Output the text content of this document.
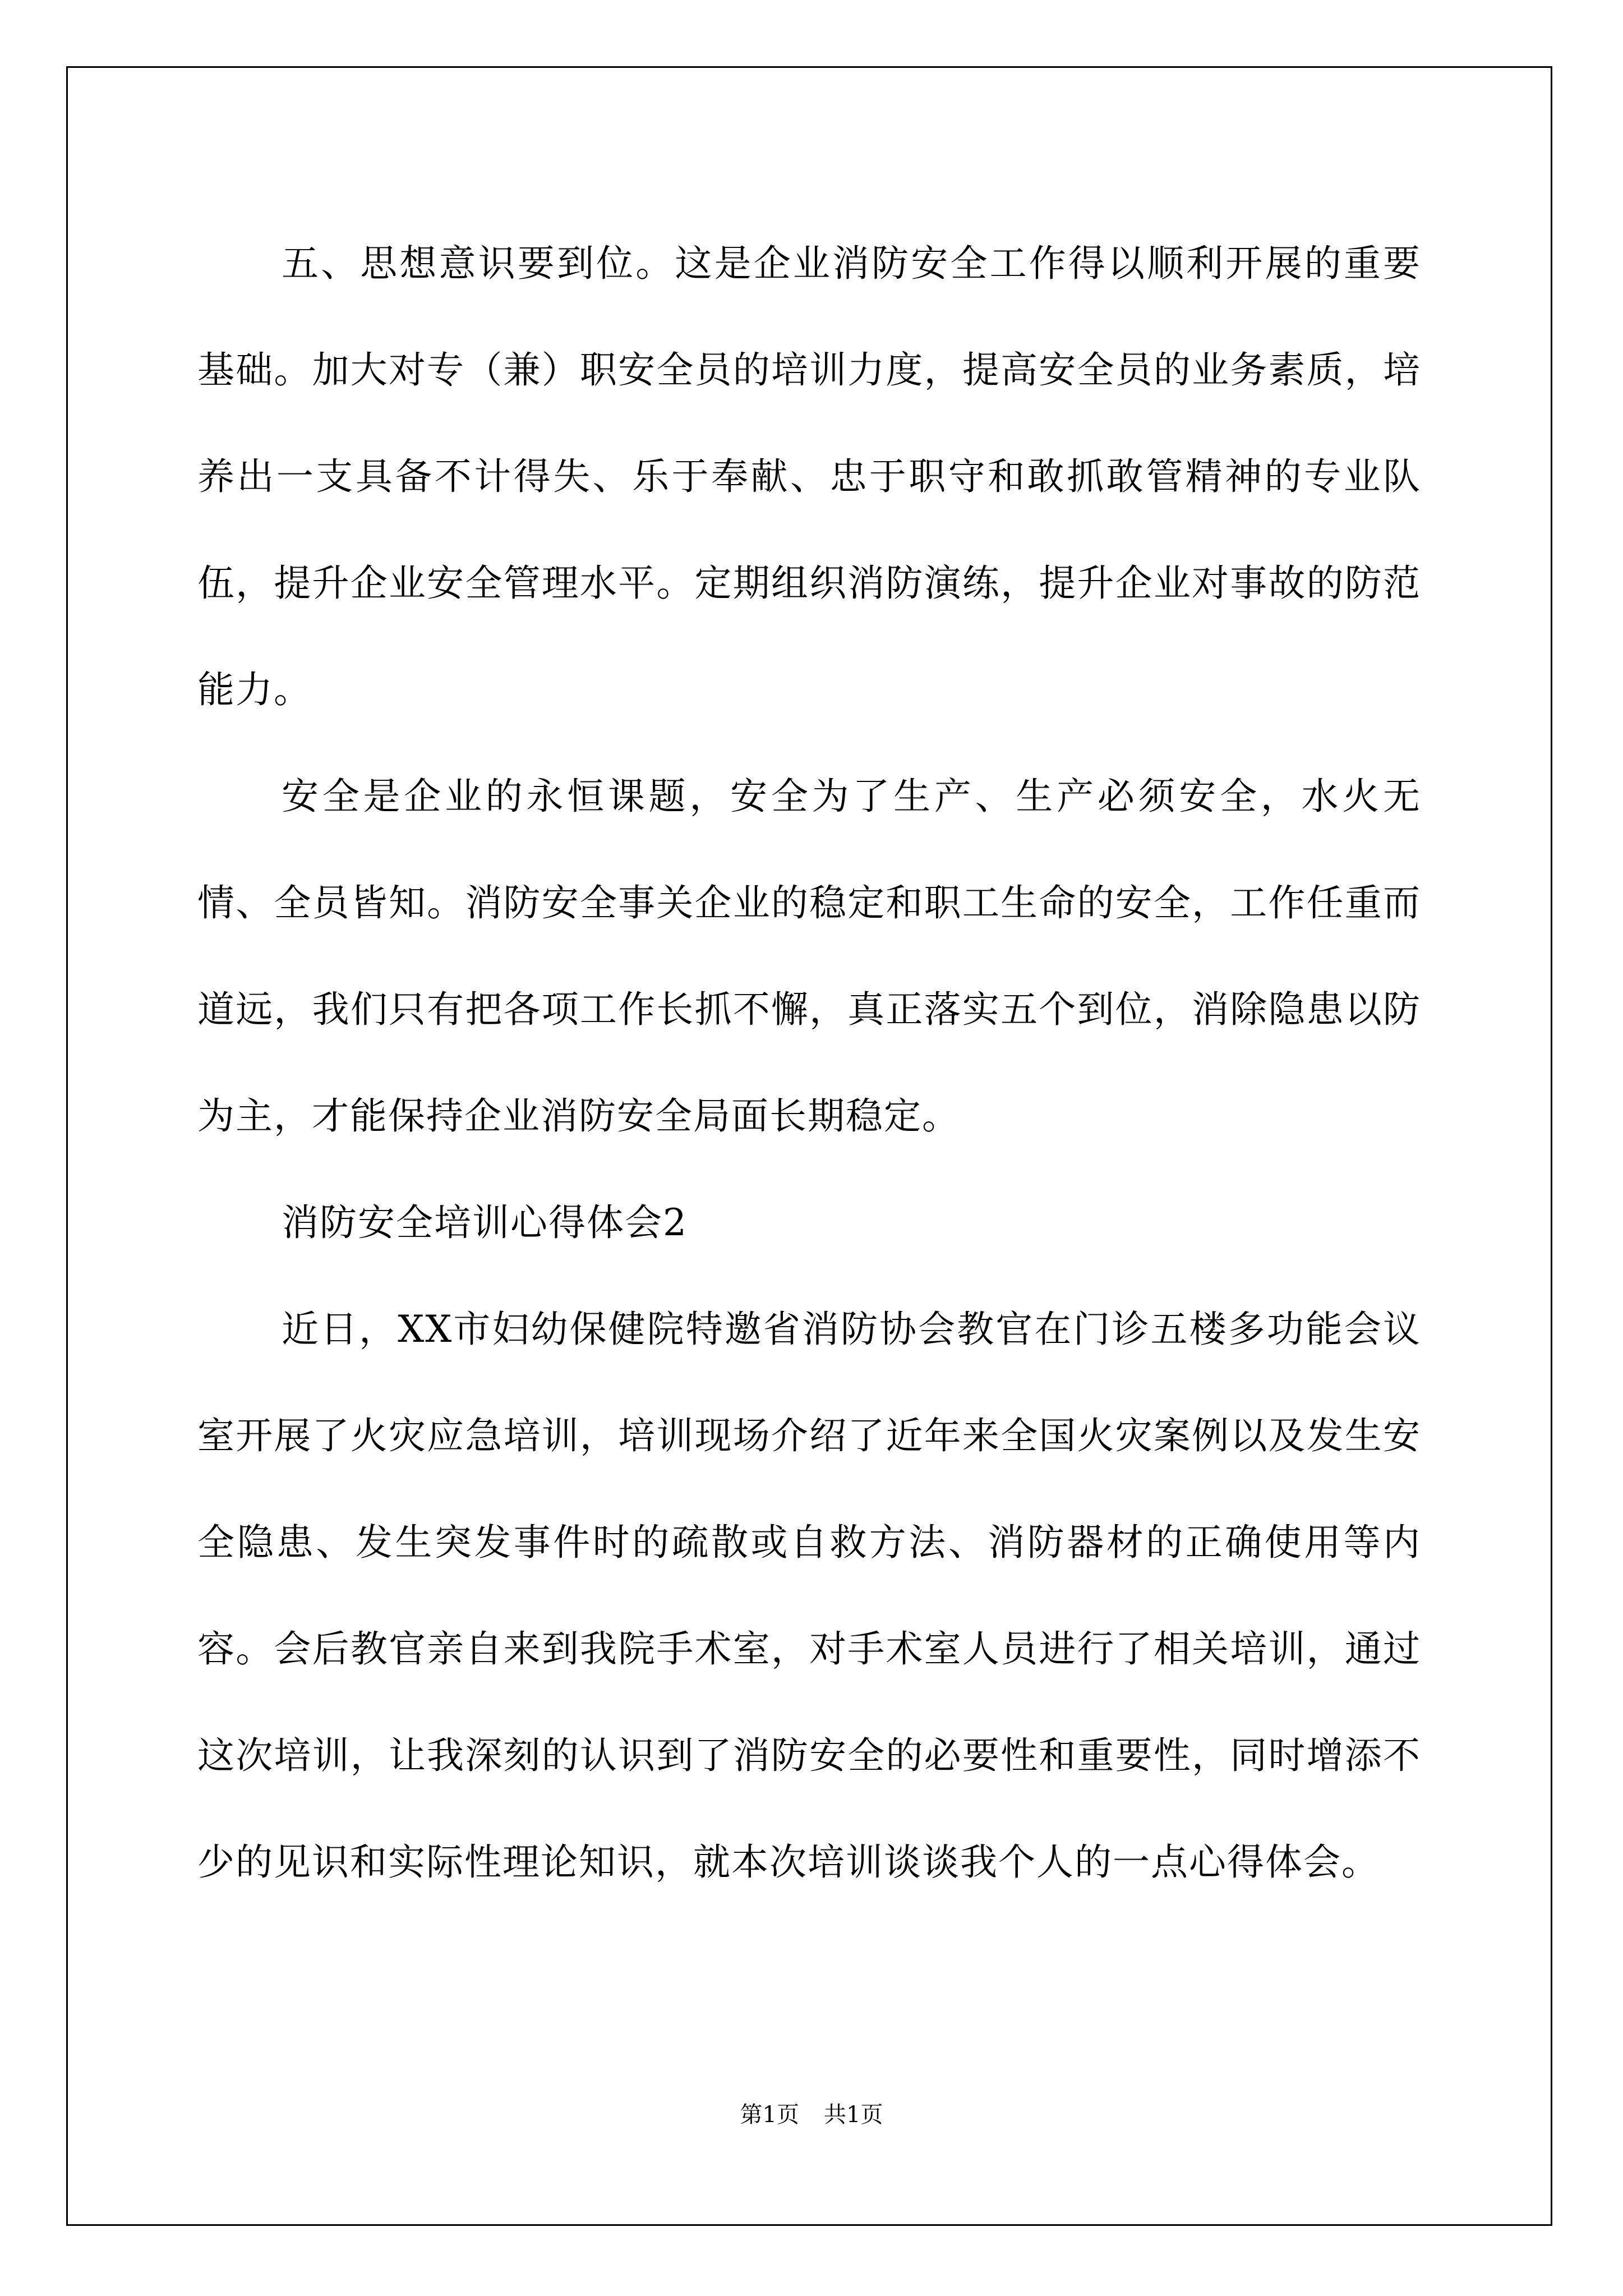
五、思想意识要到位。这是企业消防安全工作得以顺利开展的重要基础。加大对专（兼）职安全员的培训力度，提高安全员的业务素质，培养出一支具备不计得失、乐于奉献、忠于职守和敢抓敢管精神的专业队伍，提升企业安全管理水平。定期组织消防演练，提升企业对事故的防范能力。

安全是企业的永恒课题，安全为了生产、生产必须安全，水火无情、全员皆知。消防安全事关企业的稳定和职工生命的安全，工作任重而道远，我们只有把各项工作长抓不懈，真正落实五个到位，消除隐患以防为主，才能保持企业消防安全局面长期稳定。

消防安全培训心得体会2

近日，XX市妇幼保健院特邀省消防协会教官在门诊五楼多功能会议室开展了火灾应急培训，培训现场介绍了近年来全国火灾案例以及发生安全隐患、发生突发事件时的疏散或自救方法、消防器材的正确使用等内容。会后教官亲自来到我院手术室，对手术室人员进行了相关培训，通过这次培训，让我深刻的认识到了消防安全的必要性和重要性，同时增添不少的见识和实际性理论知识，就本次培训谈谈我个人的一点心得体会。

第1页 共1页
